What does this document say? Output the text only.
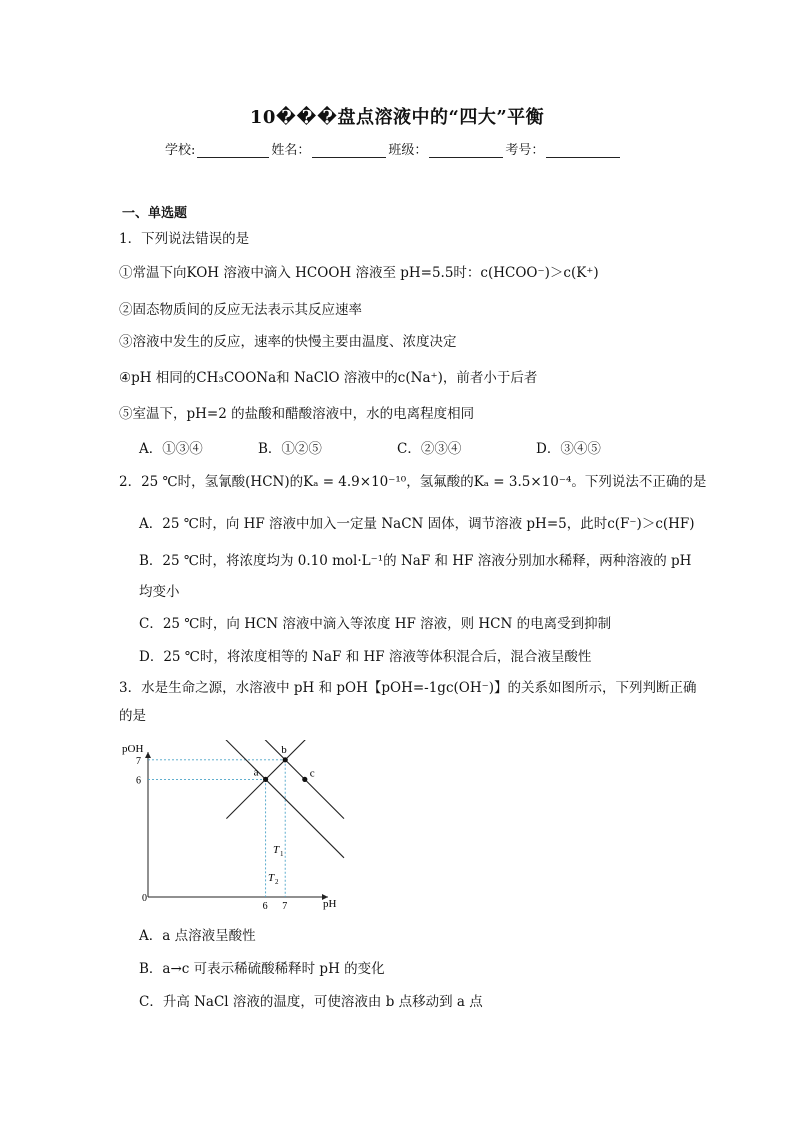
10���盘点溶液中的“四大”平衡
学校:	姓名：	班级：	考号：
一、单选题
1．下列说法错误的是
①常温下向KOH 溶液中滴入 HCOOH 溶液至 pH=5.5时：c(HCOO⁻)＞c(K⁺)
②固态物质间的反应无法表示其反应速率
③溶液中发生的反应，速率的快慢主要由温度、浓度决定
④pH 相同的CH₃COONa和 NaClO 溶液中的c(Na⁺)，前者小于后者
⑤室温下，pH=2 的盐酸和醋酸溶液中，水的电离程度相同
A．①③④	B．①②⑤	C．②③④	D．③④⑤
2．25 ℃时，氢氰酸(HCN)的Kₐ = 4.9×10⁻¹⁰，氢氟酸的Kₐ = 3.5×10⁻⁴。下列说法不正确的是
A．25 ℃时，向 HF 溶液中加入一定量 NaCN 固体，调节溶液 pH=5，此时c(F⁻)＞c(HF)
B．25 ℃时，将浓度均为 0.10 mol·L⁻¹的 NaF 和 HF 溶液分别加水稀释，两种溶液的 pH
均变小
C．25 ℃时，向 HCN 溶液中滴入等浓度 HF 溶液，则 HCN 的电离受到抑制
D．25 ℃时，将浓度相等的 NaF 和 HF 溶液等体积混合后，混合液呈酸性
3．水是生命之源，水溶液中 pH 和 pOH【pOH=-1gc(OH⁻)】的关系如图所示，下列判断正确
的是
a
b
c
pOH
pH
0
6 7
7
6
T 1
T 2
A．a 点溶液呈酸性
B．a→c 可表示稀硫酸稀释时 pH 的变化
C．升高 NaCl 溶液的温度，可使溶液由 b 点移动到 a 点
